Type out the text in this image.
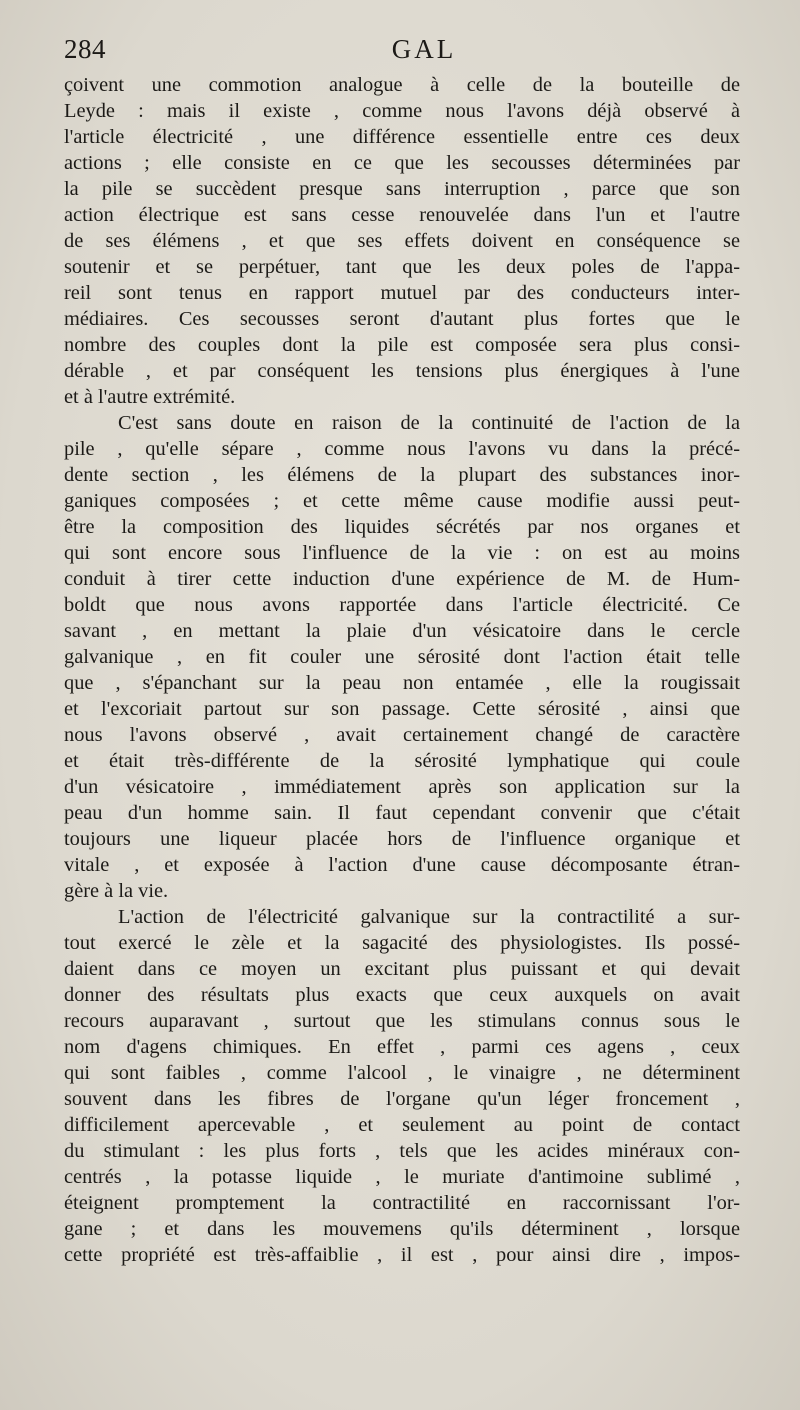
284	GAL
çoivent une commotion analogue à celle de la bouteille de
Leyde : mais il existe , comme nous l'avons déjà observé à
l'article électricité , une différence essentielle entre ces deux
actions ; elle consiste en ce que les secousses déterminées par
la pile se succèdent presque sans interruption , parce que son
action électrique est sans cesse renouvelée dans l'un et l'autre
de ses élémens , et que ses effets doivent en conséquence se
soutenir et se perpétuer, tant que les deux poles de l'appa-
reil sont tenus en rapport mutuel par des conducteurs inter-
médiaires. Ces secousses seront d'autant plus fortes que le
nombre des couples dont la pile est composée sera plus consi-
dérable , et par conséquent les tensions plus énergiques à l'une
et à l'autre extrémité.
C'est sans doute en raison de la continuité de l'action de la
pile , qu'elle sépare , comme nous l'avons vu dans la précé-
dente section , les élémens de la plupart des substances inor-
ganiques composées ; et cette même cause modifie aussi peut-
être la composition des liquides sécrétés par nos organes et
qui sont encore sous l'influence de la vie : on est au moins
conduit à tirer cette induction d'une expérience de M. de Hum-
boldt que nous avons rapportée dans l'article électricité. Ce
savant , en mettant la plaie d'un vésicatoire dans le cercle
galvanique , en fit couler une sérosité dont l'action était telle
que , s'épanchant sur la peau non entamée , elle la rougissait
et l'excoriait partout sur son passage. Cette sérosité , ainsi que
nous l'avons observé , avait certainement changé de caractère
et était très-différente de la sérosité lymphatique qui coule
d'un vésicatoire , immédiatement après son application sur la
peau d'un homme sain. Il faut cependant convenir que c'était
toujours une liqueur placée hors de l'influence organique et
vitale , et exposée à l'action d'une cause décomposante étran-
gère à la vie.
L'action de l'électricité galvanique sur la contractilité a sur-
tout exercé le zèle et la sagacité des physiologistes. Ils possé-
daient dans ce moyen un excitant plus puissant et qui devait
donner des résultats plus exacts que ceux auxquels on avait
recours auparavant , surtout que les stimulans connus sous le
nom d'agens chimiques. En effet , parmi ces agens , ceux
qui sont faibles , comme l'alcool , le vinaigre , ne déterminent
souvent dans les fibres de l'organe qu'un léger froncement ,
difficilement apercevable , et seulement au point de contact
du stimulant : les plus forts , tels que les acides minéraux con-
centrés , la potasse liquide , le muriate d'antimoine sublimé ,
éteignent promptement la contractilité en raccornissant l'or-
gane ; et dans les mouvemens qu'ils déterminent , lorsque
cette propriété est très-affaiblie , il est , pour ainsi dire , impos-
